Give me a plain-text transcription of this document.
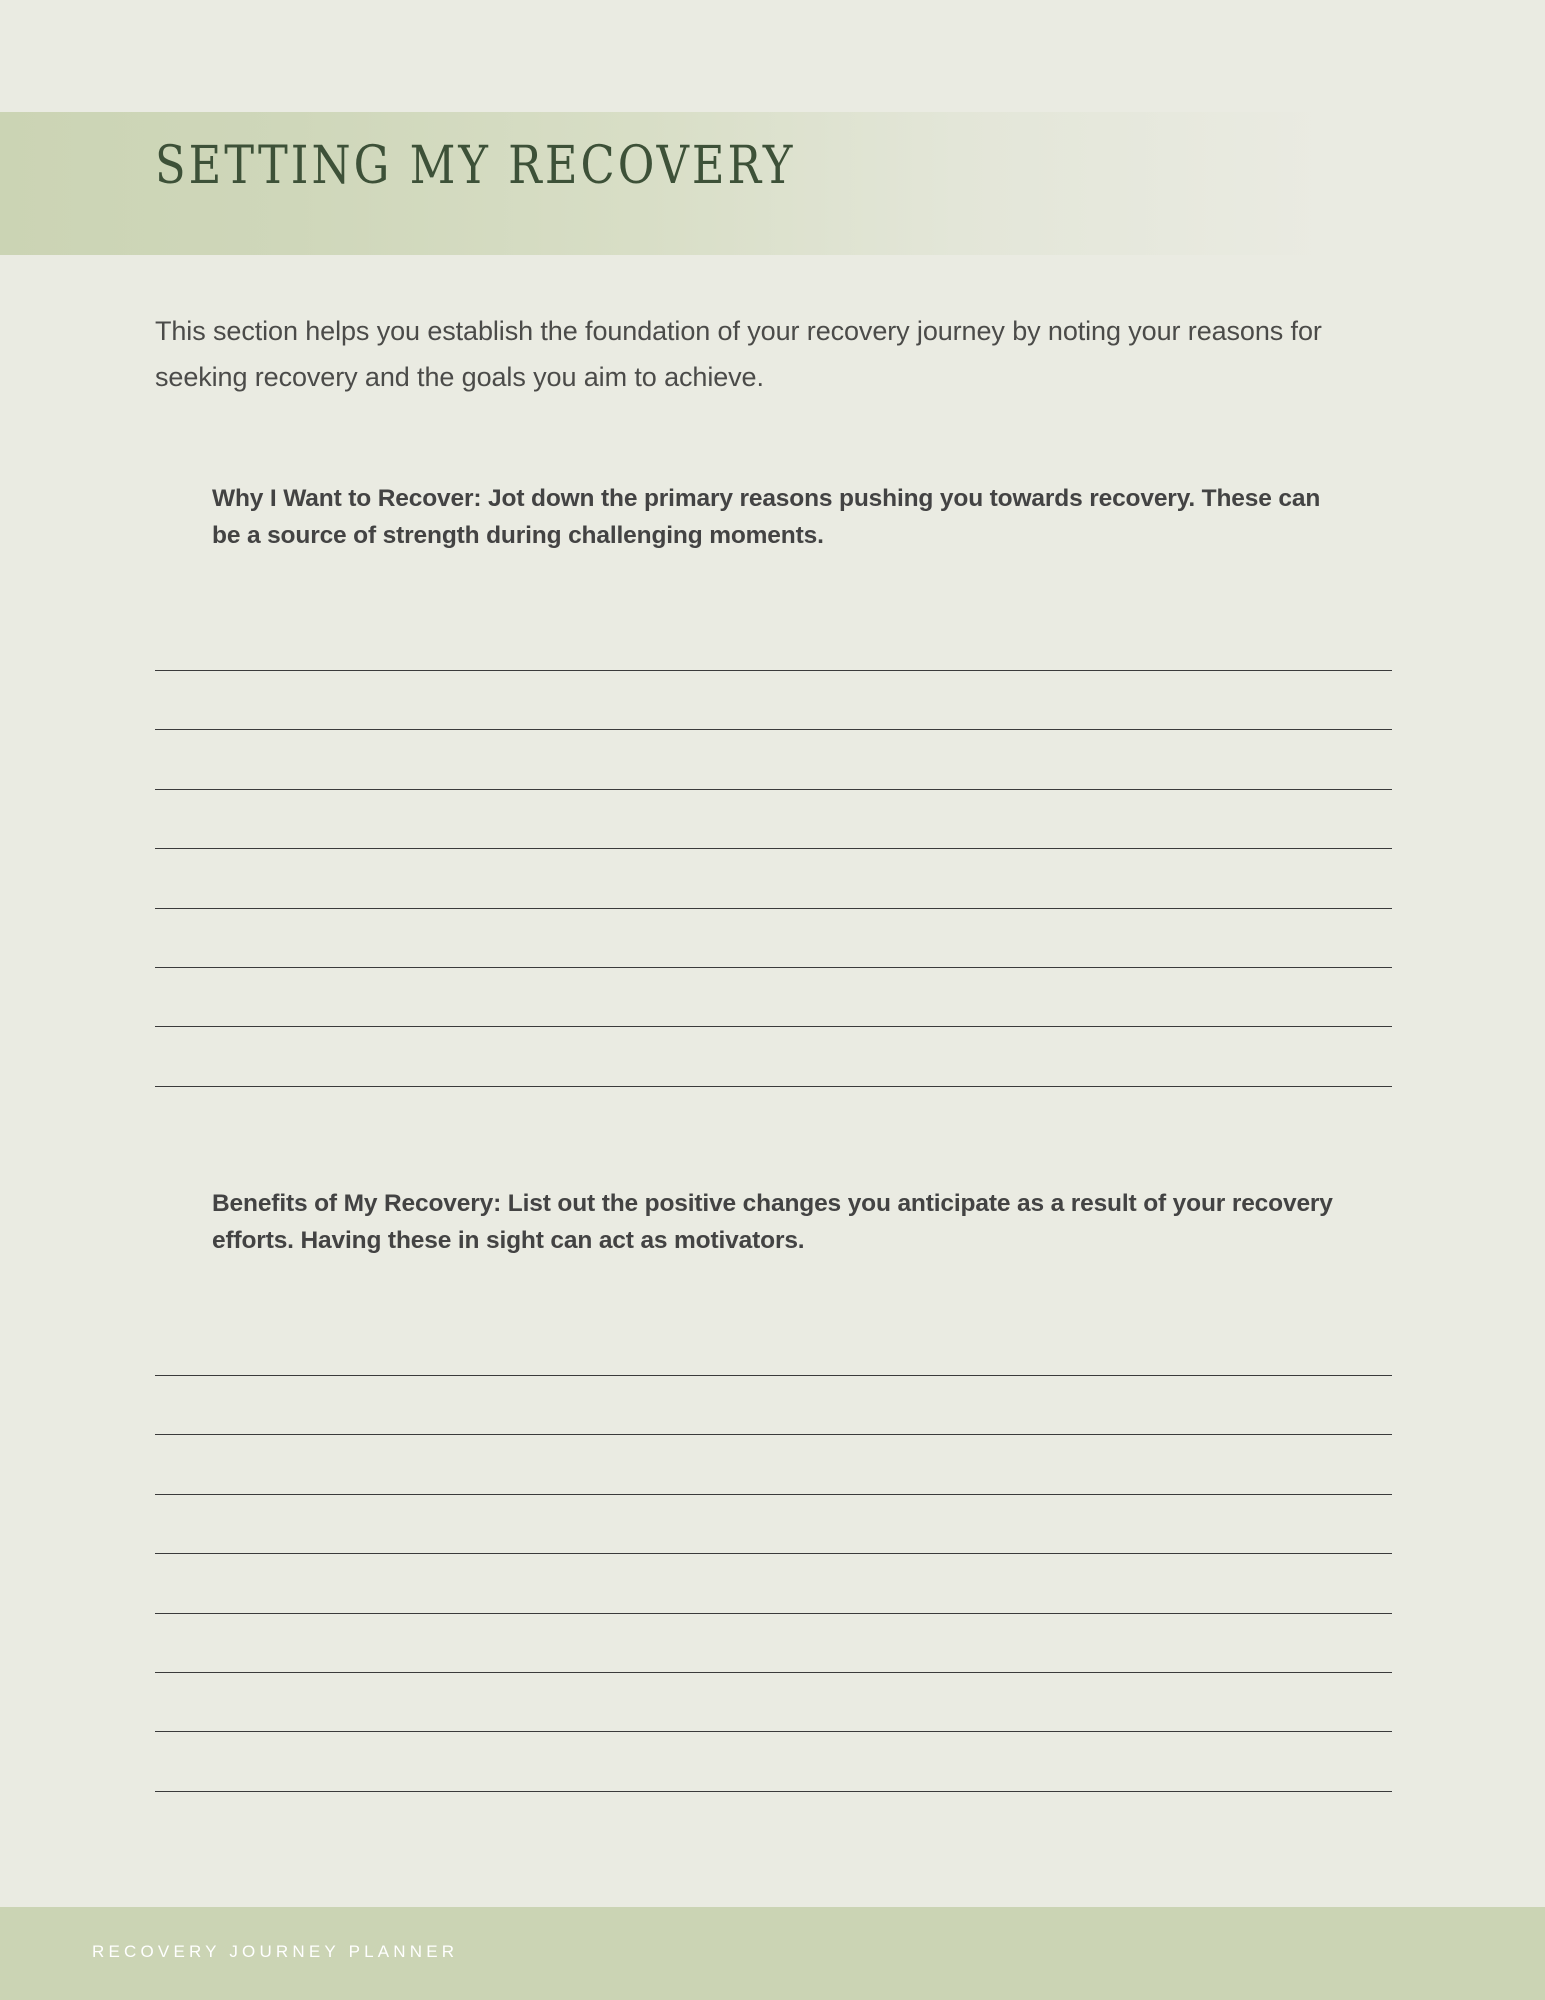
SETTING MY RECOVERY
This section helps you establish the foundation of your recovery journey by noting your reasons for seeking recovery and the goals you aim to achieve.
Why I Want to Recover: Jot down the primary reasons pushing you towards recovery. These can be a source of strength during challenging moments.
Benefits of My Recovery: List out the positive changes you anticipate as a result of your recovery efforts. Having these in sight can act as motivators.
RECOVERY JOURNEY PLANNER
